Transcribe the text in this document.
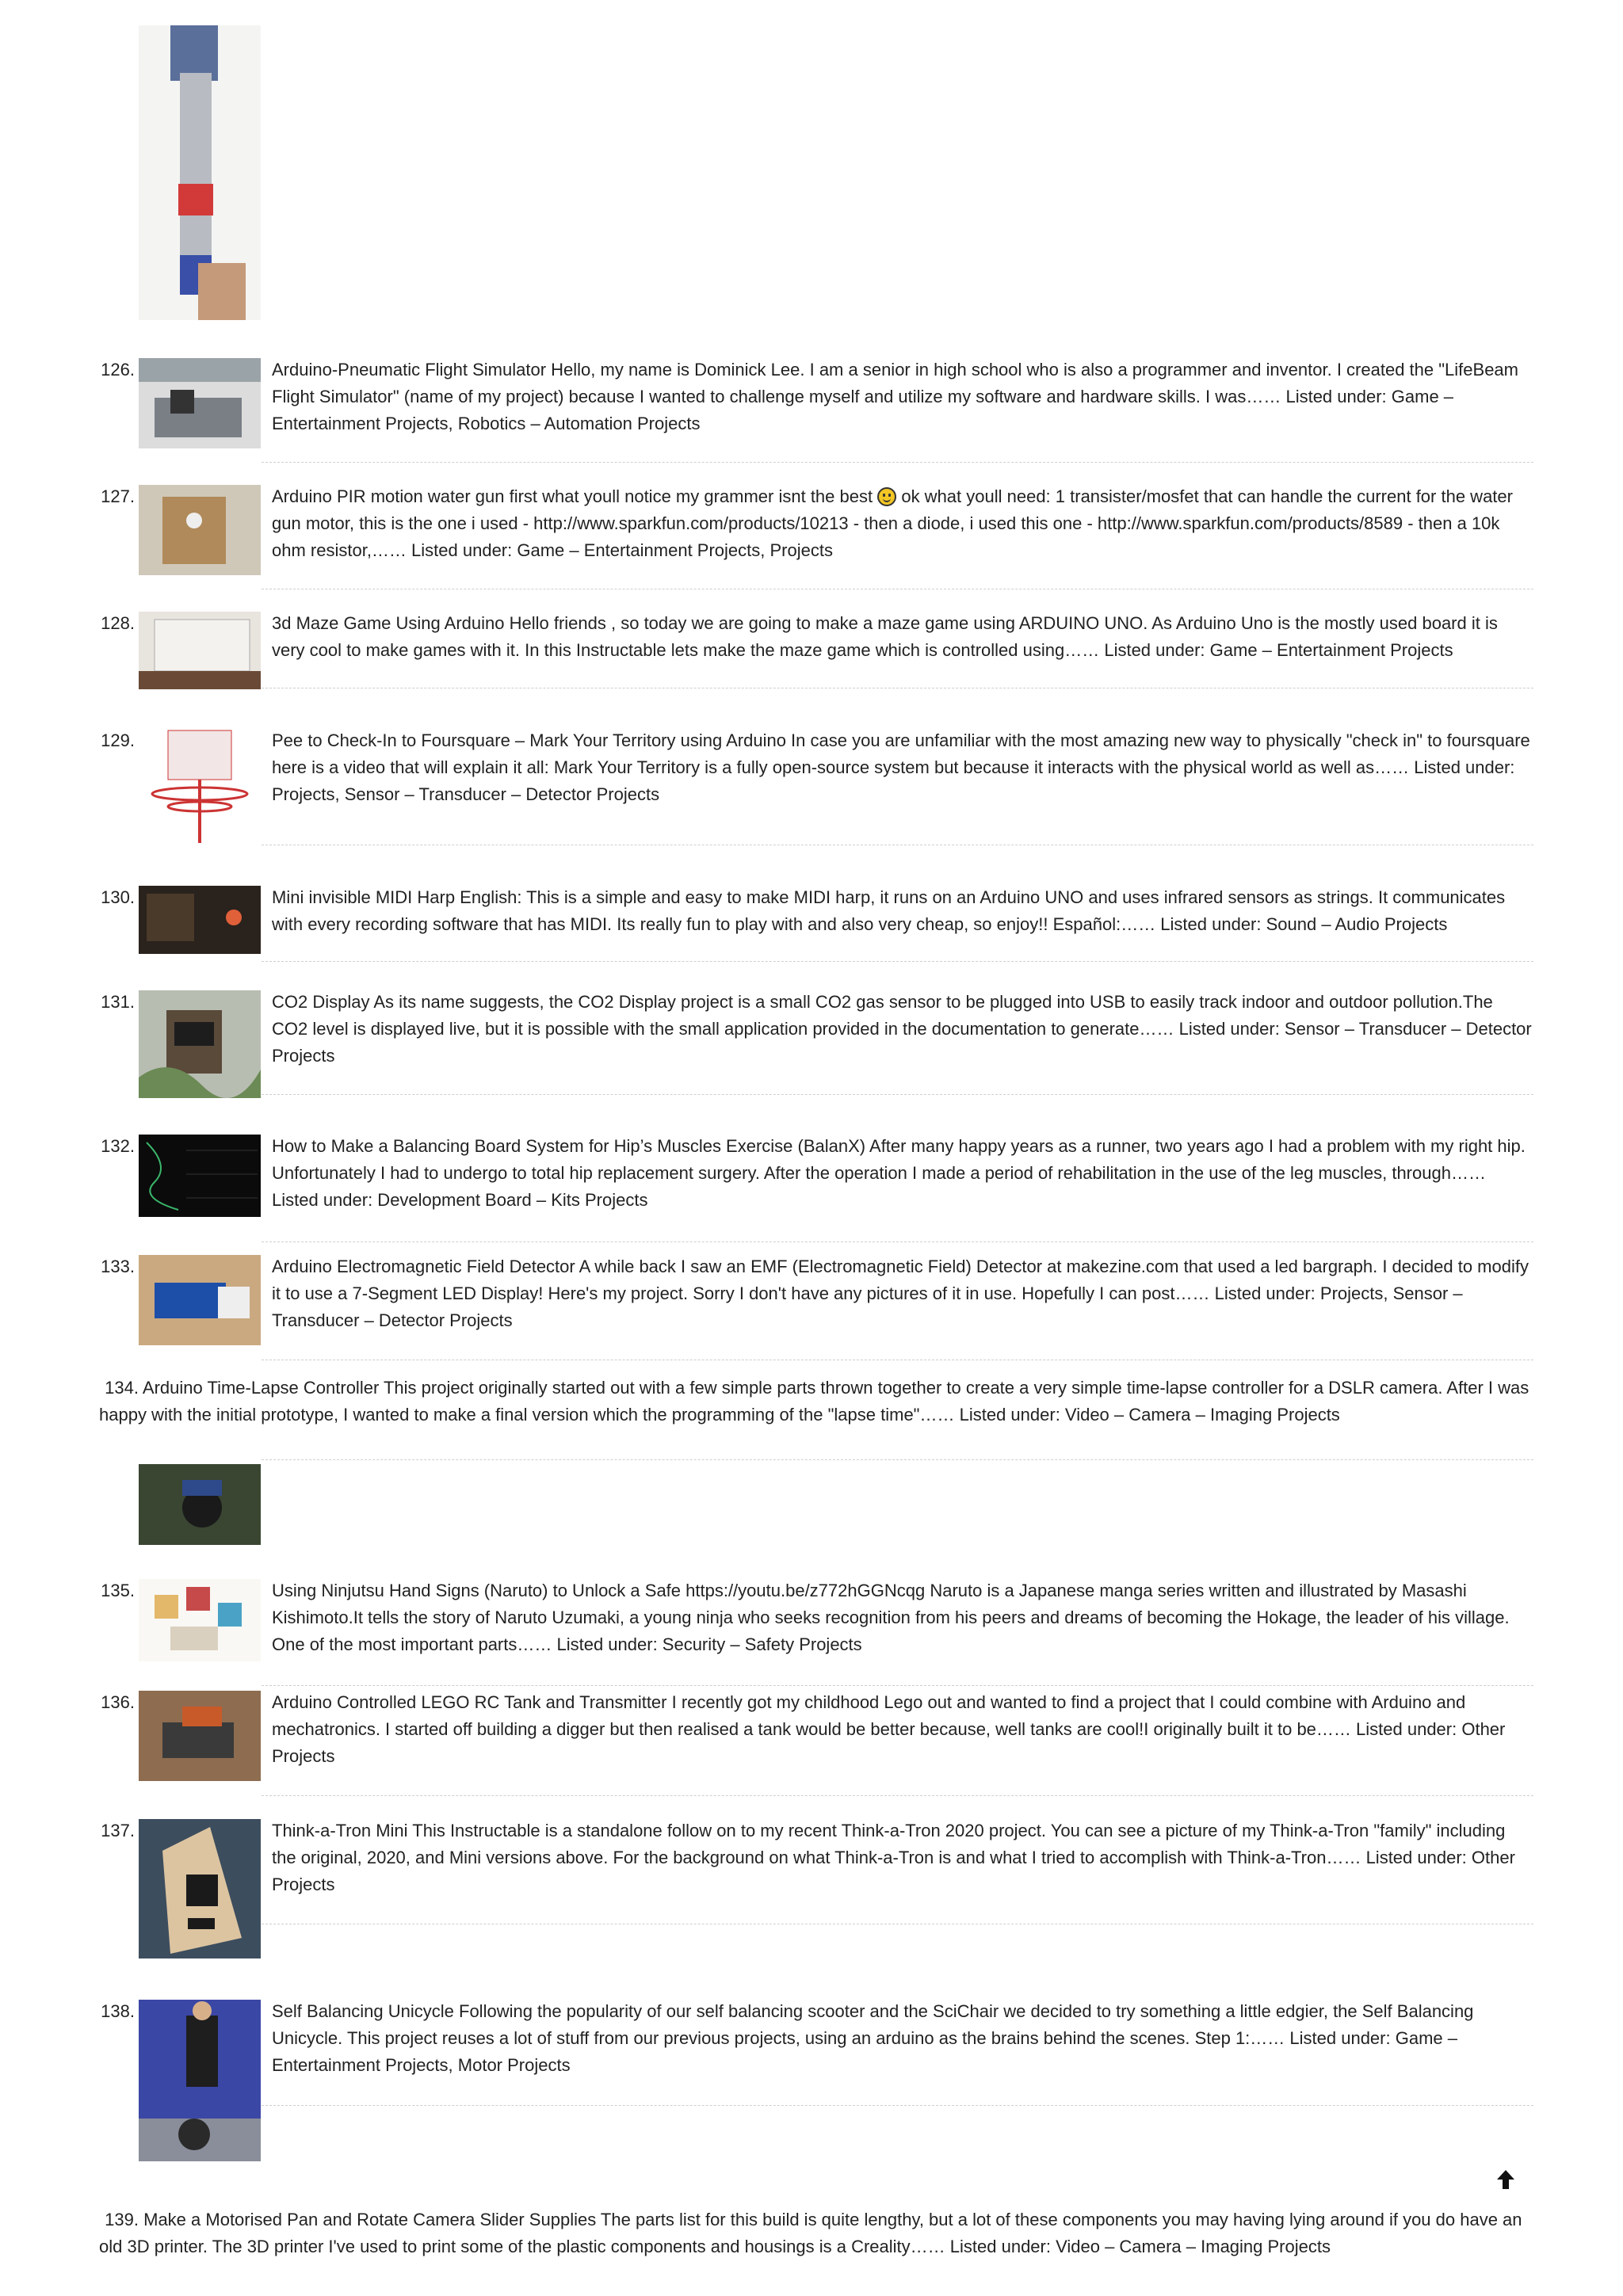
126.	Arduino-Pneumatic Flight Simulator Hello, my name is Dominick Lee. I am a senior in high school who is also a programmer and inventor. I created the "LifeBeam Flight Simulator" (name of my project) because I wanted to challenge myself and utilize my software and hardware skills. I was…… Listed under: Game – Entertainment Projects, Robotics – Automation Projects
127.	Arduino PIR motion water gun first what youll notice my grammer isnt the best  ok what youll need: 1 transister/mosfet that can handle the current for the water gun motor, this is the one i used - http://www.sparkfun.com/products/10213 - then a diode, i used this one - http://www.sparkfun.com/products/8589 - then a 10k ohm resistor,…… Listed under: Game – Entertainment Projects, Projects
128.	3d Maze Game Using Arduino Hello friends , so today we are going to make a maze game using ARDUINO UNO. As Arduino Uno is the mostly used board it is very cool to make games with it. In this Instructable lets make the maze game which is controlled using…… Listed under: Game – Entertainment Projects
129.	Pee to Check-In to Foursquare – Mark Your Territory using Arduino In case you are unfamiliar with the most amazing new way to physically "check in" to foursquare here is a video that will explain it all: Mark Your Territory is a fully open-source system but because it interacts with the physical world as well as…… Listed under: Projects, Sensor – Transducer – Detector Projects
130.	Mini invisible MIDI Harp English: This is a simple and easy to make MIDI harp, it runs on an Arduino UNO and uses infrared sensors as strings. It communicates with every recording software that has MIDI. Its really fun to play with and also very cheap, so enjoy!! Español:…… Listed under: Sound – Audio Projects
131.	CO2 Display As its name suggests, the CO2 Display project is a small CO2 gas sensor to be plugged into USB to easily track indoor and outdoor pollution.The CO2 level is displayed live, but it is possible with the small application provided in the documentation to generate…… Listed under: Sensor – Transducer – Detector Projects
132.	How to Make a Balancing Board System for Hip’s Muscles Exercise (BalanX) After many happy years as a runner, two years ago I had a problem with my right hip. Unfortunately I had to undergo to total hip replacement surgery. After the operation I made a period of rehabilitation in the use of the leg muscles, through…… Listed under: Development Board – Kits Projects
133.	Arduino Electromagnetic Field Detector A while back I saw an EMF (Electromagnetic Field) Detector at makezine.com that used a led bargraph. I decided to modify it to use a 7-Segment LED Display! Here's my project. Sorry I don't have any pictures of it in use. Hopefully I can post…… Listed under: Projects, Sensor – Transducer – Detector Projects
134. Arduino Time-Lapse Controller This project originally started out with a few simple parts thrown together to create a very simple time-lapse controller for a DSLR camera. After I was happy with the initial prototype, I wanted to make a final version which the programming of the "lapse time"…… Listed under: Video – Camera – Imaging Projects
135.	Using Ninjutsu Hand Signs (Naruto) to Unlock a Safe https://youtu.be/z772hGGNcqg Naruto is a Japanese manga series written and illustrated by Masashi Kishimoto.It tells the story of Naruto Uzumaki, a young ninja who seeks recognition from his peers and dreams of becoming the Hokage, the leader of his village. One of the most important parts…… Listed under: Security – Safety Projects
136.	Arduino Controlled LEGO RC Tank and Transmitter I recently got my childhood Lego out and wanted to find a project that I could combine with Arduino and mechatronics. I started off building a digger but then realised a tank would be better because, well tanks are cool!I originally built it to be…… Listed under: Other Projects
137.	Think-a-Tron Mini This Instructable is a standalone follow on to my recent Think-a-Tron 2020 project. You can see a picture of my Think-a-Tron "family" including the original, 2020, and Mini versions above. For the background on what Think-a-Tron is and what I tried to accomplish with Think-a-Tron…… Listed under: Other Projects
138.	Self Balancing Unicycle Following the popularity of our self balancing scooter and the SciChair we decided to try something a little edgier, the Self Balancing Unicycle. This project reuses a lot of stuff from our previous projects, using an arduino as the brains behind the scenes. Step 1:…… Listed under: Game – Entertainment Projects, Motor Projects
139. Make a Motorised Pan and Rotate Camera Slider Supplies The parts list for this build is quite lengthy, but a lot of these components you may having lying around if you do have an old 3D printer. The 3D printer I've used to print some of the plastic components and housings is a Creality…… Listed under: Video – Camera – Imaging Projects
